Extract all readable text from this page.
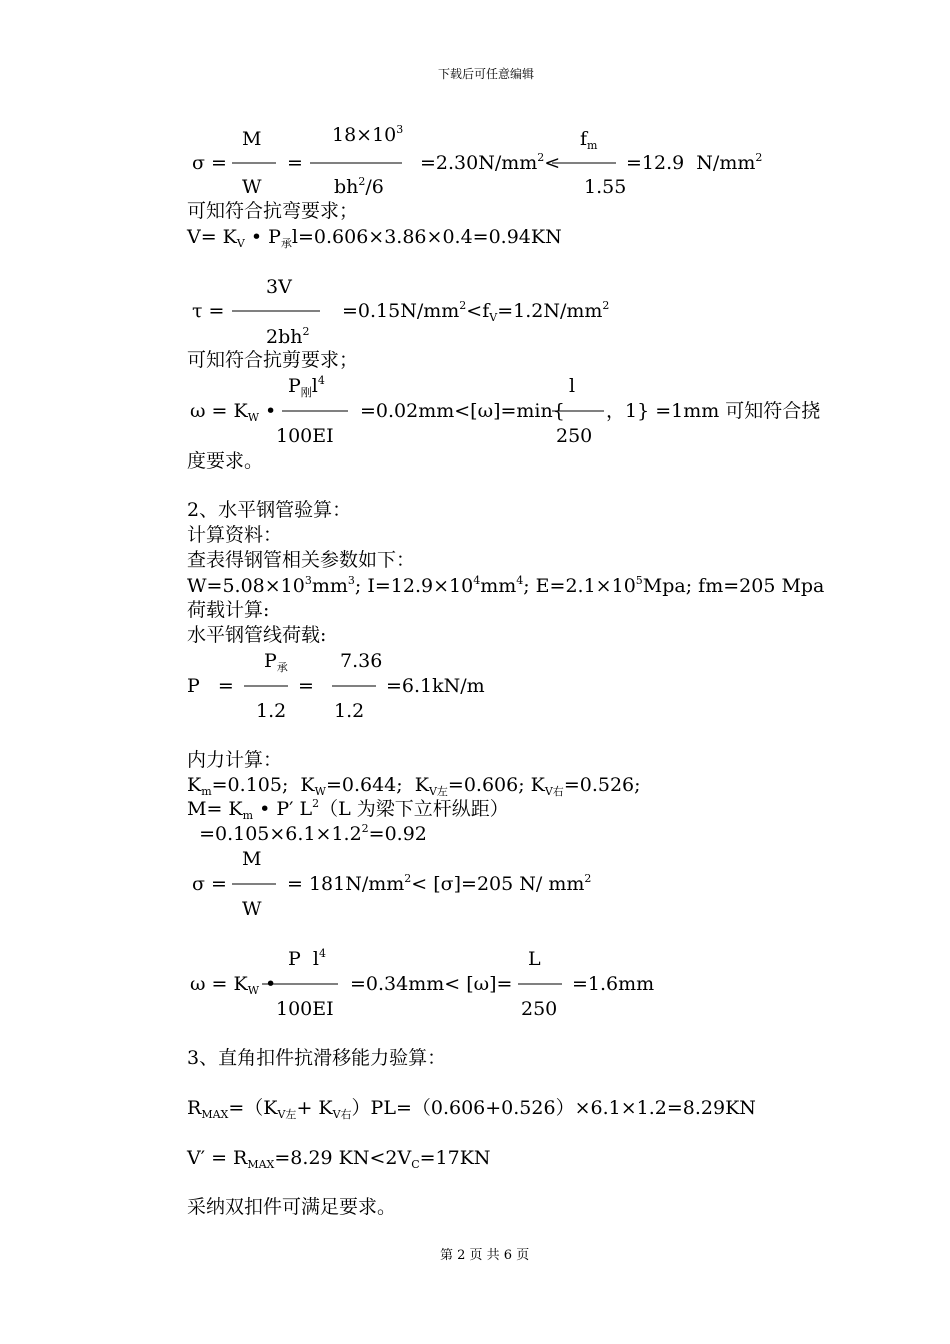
下载后可任意编辑
M	$18\times 10^3$	$f_m$
σ =	=	$=2.30N/mm^2<$	=12.9  $N/mm^2$
W	$bh^2/6$	1.55
可知符合抗弯要求；
$V= K_V$ • $P_承l=0.606\times 3.86\times 0.4=0.94KN$
3V
τ =	$=0.15N/mm^2<f_V=1.2N/mm^2$
$2bh^2$
可知符合抗剪要求；
$P_刚l^4$	l
$\omega = K_W$ •	=0.02mm<[ω]=min{ ，1} =1mm 可知符合挠
100EI	250
度要求。
2、水平钢管验算：
计算资料：
查表得钢管相关参数如下：
$W=5.08\times 10^3mm^3$; $I=12.9\times 10^4mm^4$; $E=2.1\times 10^5Mpa$; fm=205 Mpa
荷载计算:
水平钢管线荷载:
$P_承$	7.36
P   =	=	=6.1kN/m
1.2	1.2
内力计算：
$K_m=0.105$;  $K_W=0.644$;  $K_{V左}=0.606$; $K_{V右}=0.526$;
$M= K_m$ • P′ $L^2(L$ 为梁下立杆纵距）
$=0.105\times 6.1\times 1.2^2=0.92$
M
σ =	= $181N/mm^2< [\sigma]=205$ N/ $mm^2$
W
P  $l^4$	L
$\omega = K_W$ •	=0.34mm< [ω]=	=1.6mm
100EI	250
3、直角扣件抗滑移能力验算：
$R_{MAX}=(K_{V左}+ K_{V右})PL=(0.606+0.526)\times 6.1\times 1.2=8.29KN$
$V' = R_{MAX}=8.29$ $KN<2V_C=17KN$
采纳双扣件可满足要求。
第 2 页 共 6 页
